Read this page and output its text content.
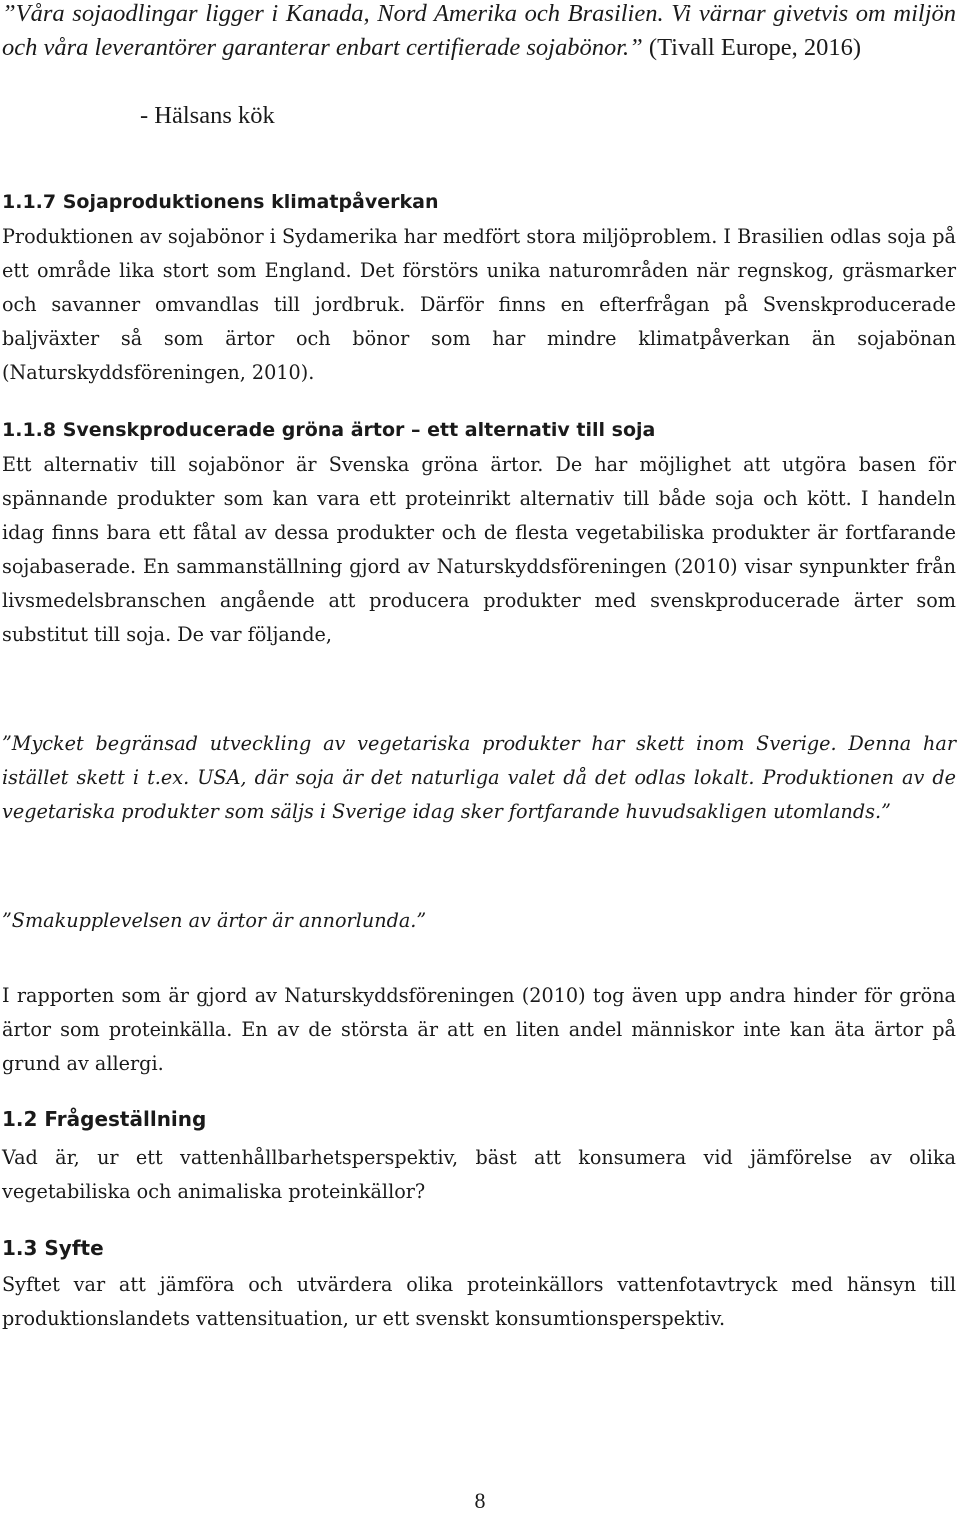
”Våra sojaodlingar ligger i Kanada, Nord Amerika och Brasilien. Vi värnar givetvis om miljön och våra leverantörer garanterar enbart certifierade sojabönor.” (Tivall Europe, 2016)

- Hälsans kök

1.1.7 Sojaproduktionens klimatpåverkan

Produktionen av sojabönor i Sydamerika har medfört stora miljöproblem. I Brasilien odlas soja på ett område lika stort som England. Det förstörs unika naturområden när regnskog, gräsmarker och savanner omvandlas till jordbruk. Därför finns en efterfrågan på Svenskproducerade baljväxter så som ärtor och bönor som har mindre klimatpåverkan än sojabönan (Naturskyddsföreningen, 2010).

1.1.8 Svenskproducerade gröna ärtor – ett alternativ till soja

Ett alternativ till sojabönor är Svenska gröna ärtor. De har möjlighet att utgöra basen för spännande produkter som kan vara ett proteinrikt alternativ till både soja och kött. I handeln idag finns bara ett fåtal av dessa produkter och de flesta vegetabiliska produkter är fortfarande sojabaserade. En sammanställning gjord av Naturskyddsföreningen (2010) visar synpunkter från livsmedelsbranschen angående att producera produkter med svenskproducerade ärter som substitut till soja. De var följande,

”Mycket begränsad utveckling av vegetariska produkter har skett inom Sverige. Denna har istället skett i t.ex. USA, där soja är det naturliga valet då det odlas lokalt. Produktionen av de vegetariska produkter som säljs i Sverige idag sker fortfarande huvudsakligen utomlands.”

”Smakupplevelsen av ärtor är annorlunda.”

I rapporten som är gjord av Naturskyddsföreningen (2010) tog även upp andra hinder för gröna ärtor som proteinkälla. En av de största är att en liten andel människor inte kan äta ärtor på grund av allergi.

1.2 Frågeställning

Vad är, ur ett vattenhållbarhetsperspektiv, bäst att konsumera vid jämförelse av olika vegetabiliska och animaliska proteinkällor?

1.3 Syfte

Syftet var att jämföra och utvärdera olika proteinkällors vattenfotavtryck med hänsyn till produktionslandets vattensituation, ur ett svenskt konsumtionsperspektiv.

8
